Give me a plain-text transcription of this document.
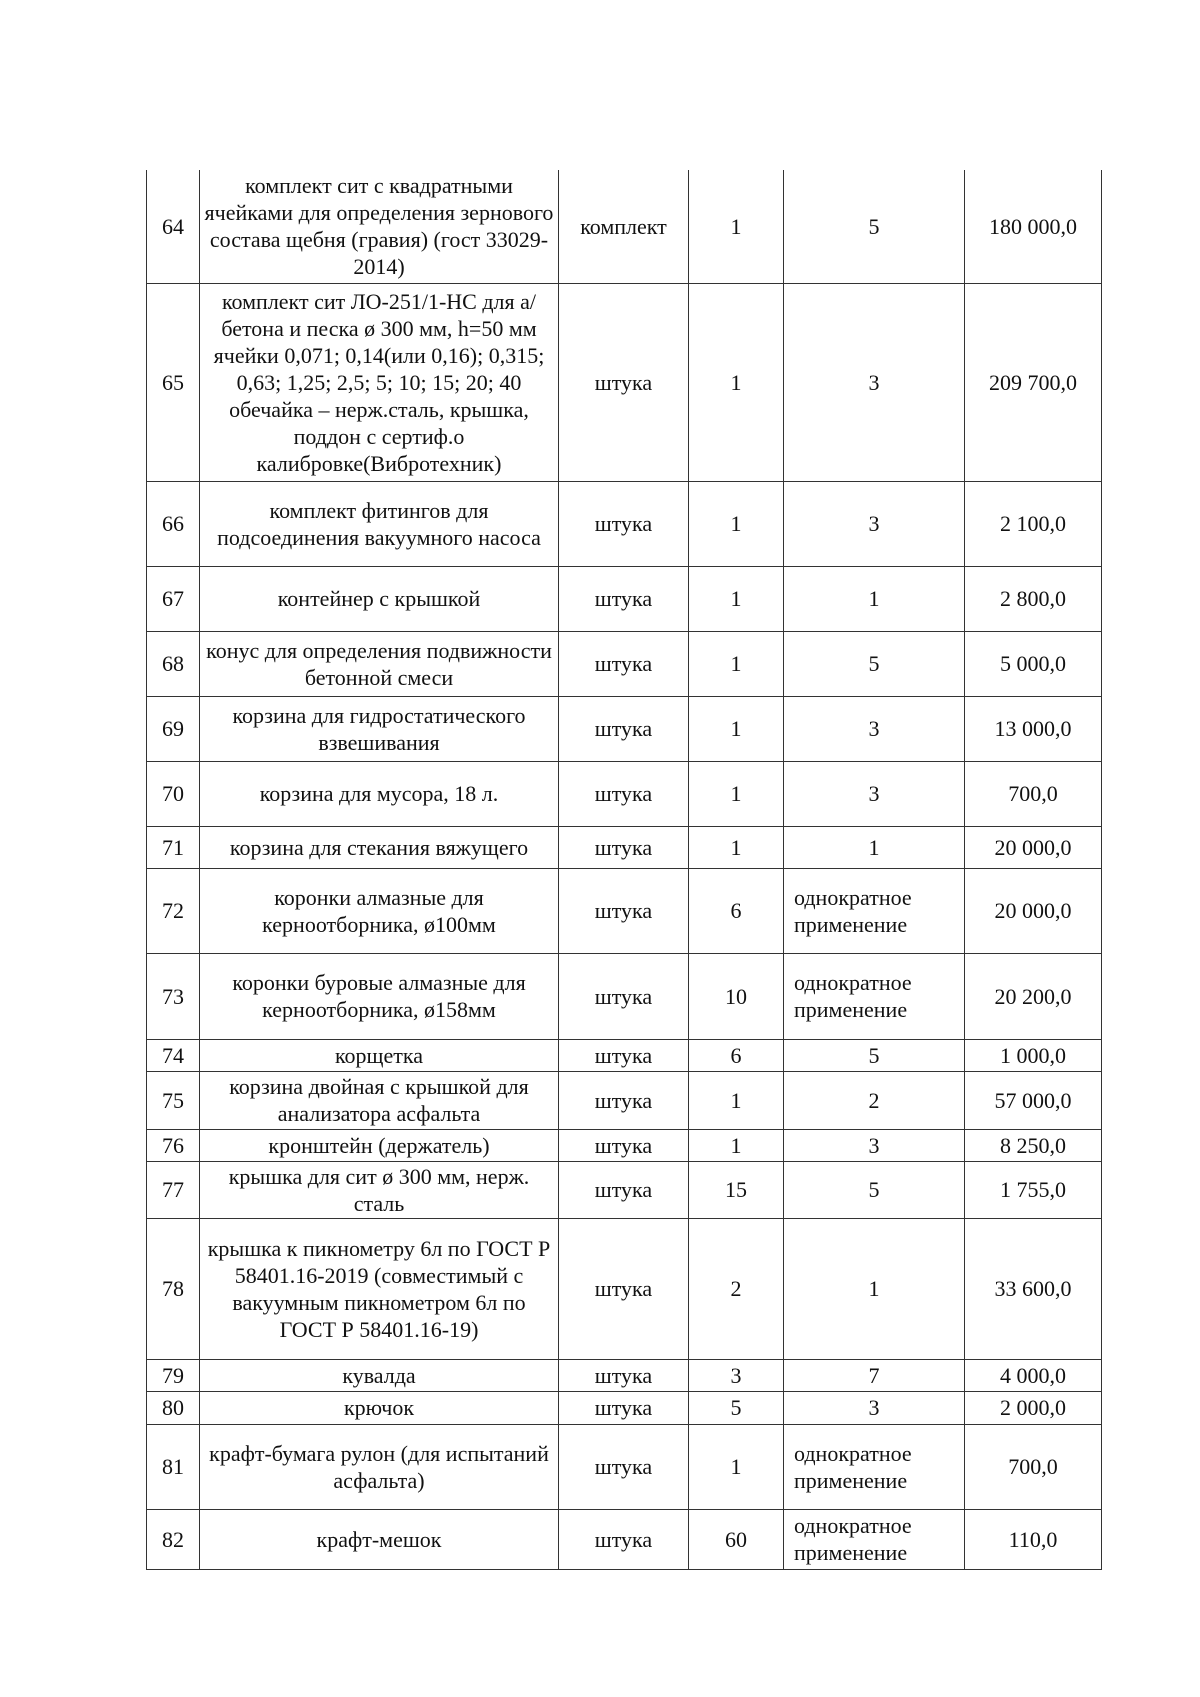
64	комплект сит с квадратными ячейками для определения зернового состава щебня (гравия) (гост 33029-2014)	комплект	1	5	180 000,0
65	комплект сит ЛО-251/1-НС для а/бетона и песка ø 300 мм, h=50 мм ячейки 0,071; 0,14(или 0,16); 0,315; 0,63; 1,25; 2,5; 5; 10; 15; 20; 40 обечайка – нерж.сталь, крышка, поддон с сертиф.о калибровке(Вибротехник)	штука	1	3	209 700,0
66	комплект фитингов для подсоединения вакуумного насоса	штука	1	3	2 100,0
67	контейнер с крышкой	штука	1	1	2 800,0
68	конус для определения подвижности бетонной смеси	штука	1	5	5 000,0
69	корзина для гидростатического взвешивания	штука	1	3	13 000,0
70	корзина для мусора, 18 л.	штука	1	3	700,0
71	корзина для стекания вяжущего	штука	1	1	20 000,0
72	коронки алмазные для керноотборника, ø100мм	штука	6	однократное применение	20 000,0
73	коронки буровые алмазные для керноотборника, ø158мм	штука	10	однократное применение	20 200,0
74	корщетка	штука	6	5	1 000,0
75	корзина двойная с крышкой для анализатора асфальта	штука	1	2	57 000,0
76	кронштейн (держатель)	штука	1	3	8 250,0
77	крышка для сит ø 300 мм, нерж. сталь	штука	15	5	1 755,0
78	крышка к пикнометру 6л по ГОСТ Р 58401.16-2019 (совместимый с вакуумным пикнометром 6л по ГОСТ Р 58401.16-19)	штука	2	1	33 600,0
79	кувалда	штука	3	7	4 000,0
80	крючок	штука	5	3	2 000,0
81	крафт-бумага рулон (для испытаний асфальта)	штука	1	однократное применение	700,0
82	крафт-мешок	штука	60	однократное применение	110,0
